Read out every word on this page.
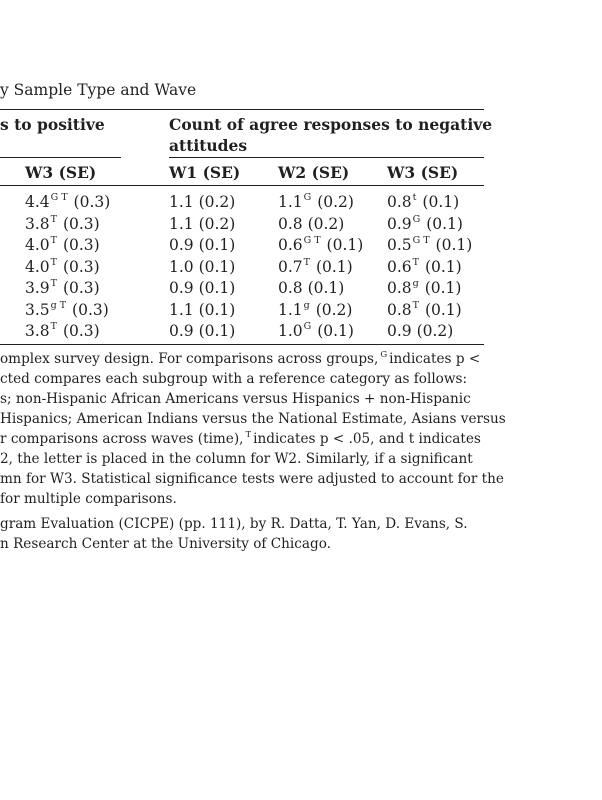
y Sample Type and Wave
s to positive	Count of agree responses to negative
attitudes
W3 (SE)	W1 (SE) W2 (SE) W3 (SE)
$4.4^{G T}$ (0.3)	1.1 (0.2)	$1.1^G$ (0.2) 0.8$^t$ (0.1)
$3.8^T$ (0.3)	1.1 (0.2)	0.8 (0.2)	$0.9^G$ (0.1)
$4.0^T$ (0.3)	0.9 (0.1)	$0.6^{G T}$ (0.1) $0.5^{G T}$ (0.1)
$4.0^T$ (0.3)	1.0 (0.1)	$0.7^T$ (0.1) $0.6^T$ (0.1)
$3.9^T$ (0.3)	0.9 (0.1)	0.8 (0.1)	0.8$^g$ (0.1)
$3.5^{g T}$ (0.3)	1.1 (0.1)	1.1$^g$ (0.2) $0.8^T$ (0.1)
$3.8^T$ (0.3)	0.9 (0.1)	$1.0^G$ (0.1) 0.9 (0.2)
omplex survey design. For comparisons across groups, $^G$ indicates p <
cted compares each subgroup with a reference category as follows:
s; non-Hispanic African Americans versus Hispanics + non-Hispanic
Hispanics; American Indians versus the National Estimate, Asians versus
r comparisons across waves (time), $^T$ indicates p < .05, and t indicates
2, the letter is placed in the column for W2. Similarly, if a significant
mn for W3. Statistical significance tests were adjusted to account for the
for multiple comparisons.
gram Evaluation (CICPE) (pp. 111), by R. Datta, T. Yan, D. Evans, S.
n Research Center at the University of Chicago.
